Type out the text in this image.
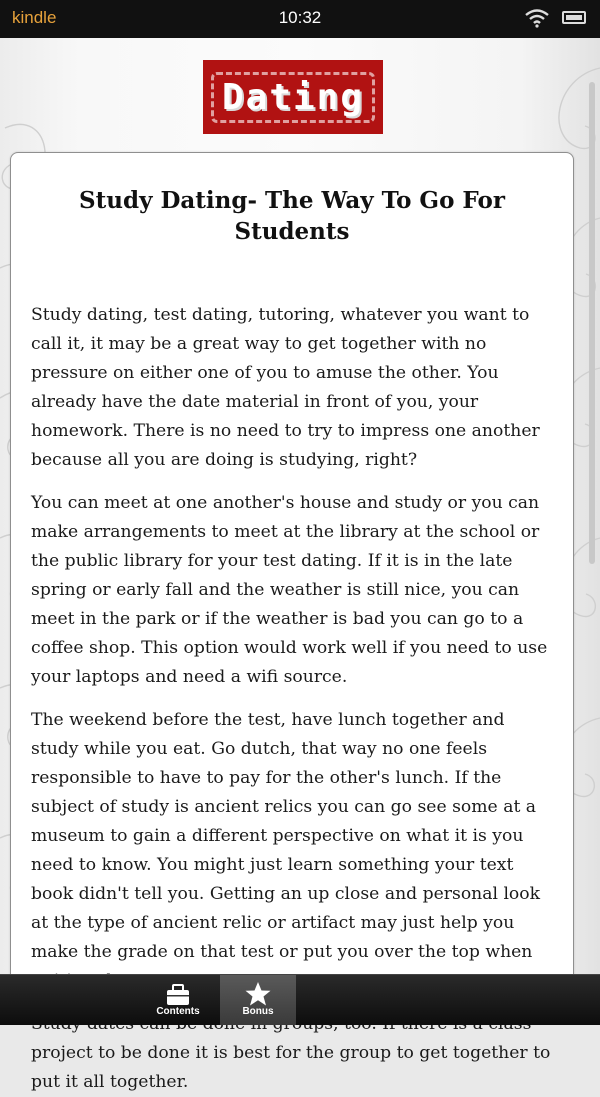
kindle	10:32
Dating
Study Dating- The Way To Go For Students

Study dating, test dating, tutoring, whatever you want to call it, it may be a great way to get together with no pressure on either one of you to amuse the other. You already have the date material in front of you, your homework. There is no need to try to impress one another because all you are doing is studying, right?

You can meet at one another's house and study or you can make arrangements to meet at the library at the school or the public library for your test dating. If it is in the late spring or early fall and the weather is still nice, you can meet in the park or if the weather is bad you can go to a coffee shop. This option would work well if you need to use your laptops and need a wifi source.

The weekend before the test, have lunch together and study while you eat. Go dutch, that way no one feels responsible to have to pay for the other's lunch. If the subject of study is ancient relics you can go see some at a museum to gain a different perspective on what it is you need to know. You might just learn something your text book didn't tell you. Getting an up close and personal look at the type of ancient relic or artifact may just help you make the grade on that test or put you over the top when

project to be done it is best for the group to get together to put it all together.

Contents	Bonus
